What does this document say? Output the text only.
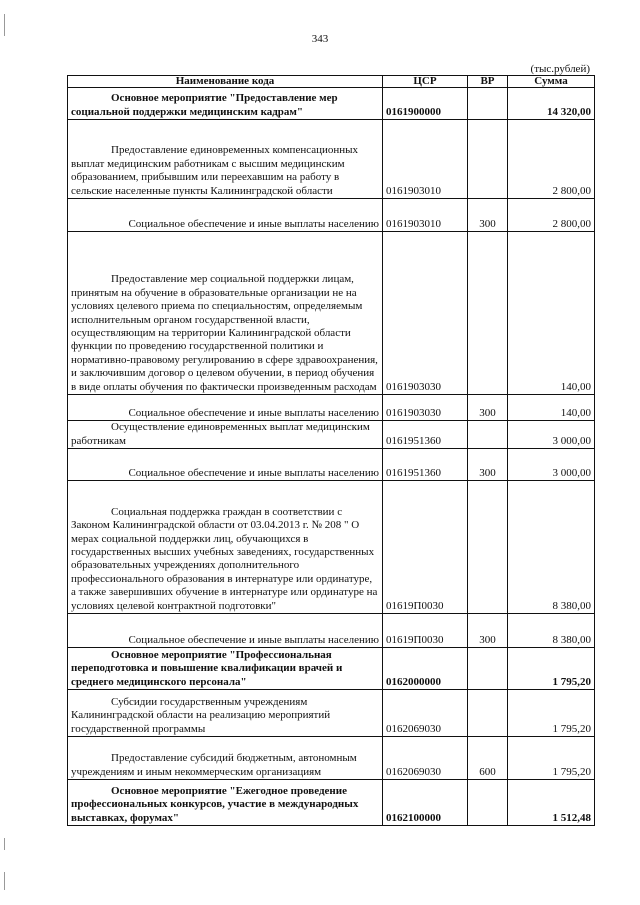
343
(тыс.рублей)
Наименование кода	ЦСР	ВР	Сумма
Основное мероприятие "Предоставление мер социальной поддержки медицинским кадрам"	0161900000		14 320,00
Предоставление единовременных компенсационных выплат медицинским работникам с высшим медицинским образованием, прибывшим или переехавшим на работу в сельские населенные пункты Калининградской области	0161903010		2 800,00
Социальное обеспечение и иные выплаты населению	0161903010	300	2 800,00
Предоставление мер социальной поддержки лицам, принятым на обучение в образовательные организации не на условиях целевого приема по специальностям, определяемым исполнительным органом государственной власти, осуществляющим на территории Калининградской области функции по проведению государственной политики и нормативно-правовому регулированию в сфере здравоохранения, и заключившим договор о целевом обучении, в период обучения в виде оплаты обучения по фактически произведенным расходам	0161903030		140,00
Социальное обеспечение и иные выплаты населению	0161903030	300	140,00
Осуществление единовременных выплат медицинским работникам	0161951360		3 000,00
Социальное обеспечение и иные выплаты населению	0161951360	300	3 000,00
Социальная поддержка граждан в соответствии с Законом Калининградской области от 03.04.2013 г. № 208 " О мерах социальной поддержки лиц, обучающихся в государственных высших учебных заведениях, государственных образовательных учреждениях дополнительного профессионального образования в интернатуре или ординатуре, а также завершивших обучение в интернатуре или ординатуре на условиях целевой контрактной подготовки"	01619П0030		8 380,00
Социальное обеспечение и иные выплаты населению	01619П0030	300	8 380,00
Основное мероприятие "Профессиональная переподготовка и повышение квалификации врачей и среднего медицинского персонала"	0162000000		1 795,20
Субсидии государственным учреждениям Калининградской области на реализацию мероприятий государственной программы	0162069030		1 795,20
Предоставление субсидий бюджетным, автономным учреждениям и иным некоммерческим организациям	0162069030	600	1 795,20
Основное мероприятие "Ежегодное проведение профессиональных конкурсов, участие в международных выставках, форумах"	0162100000		1 512,48
